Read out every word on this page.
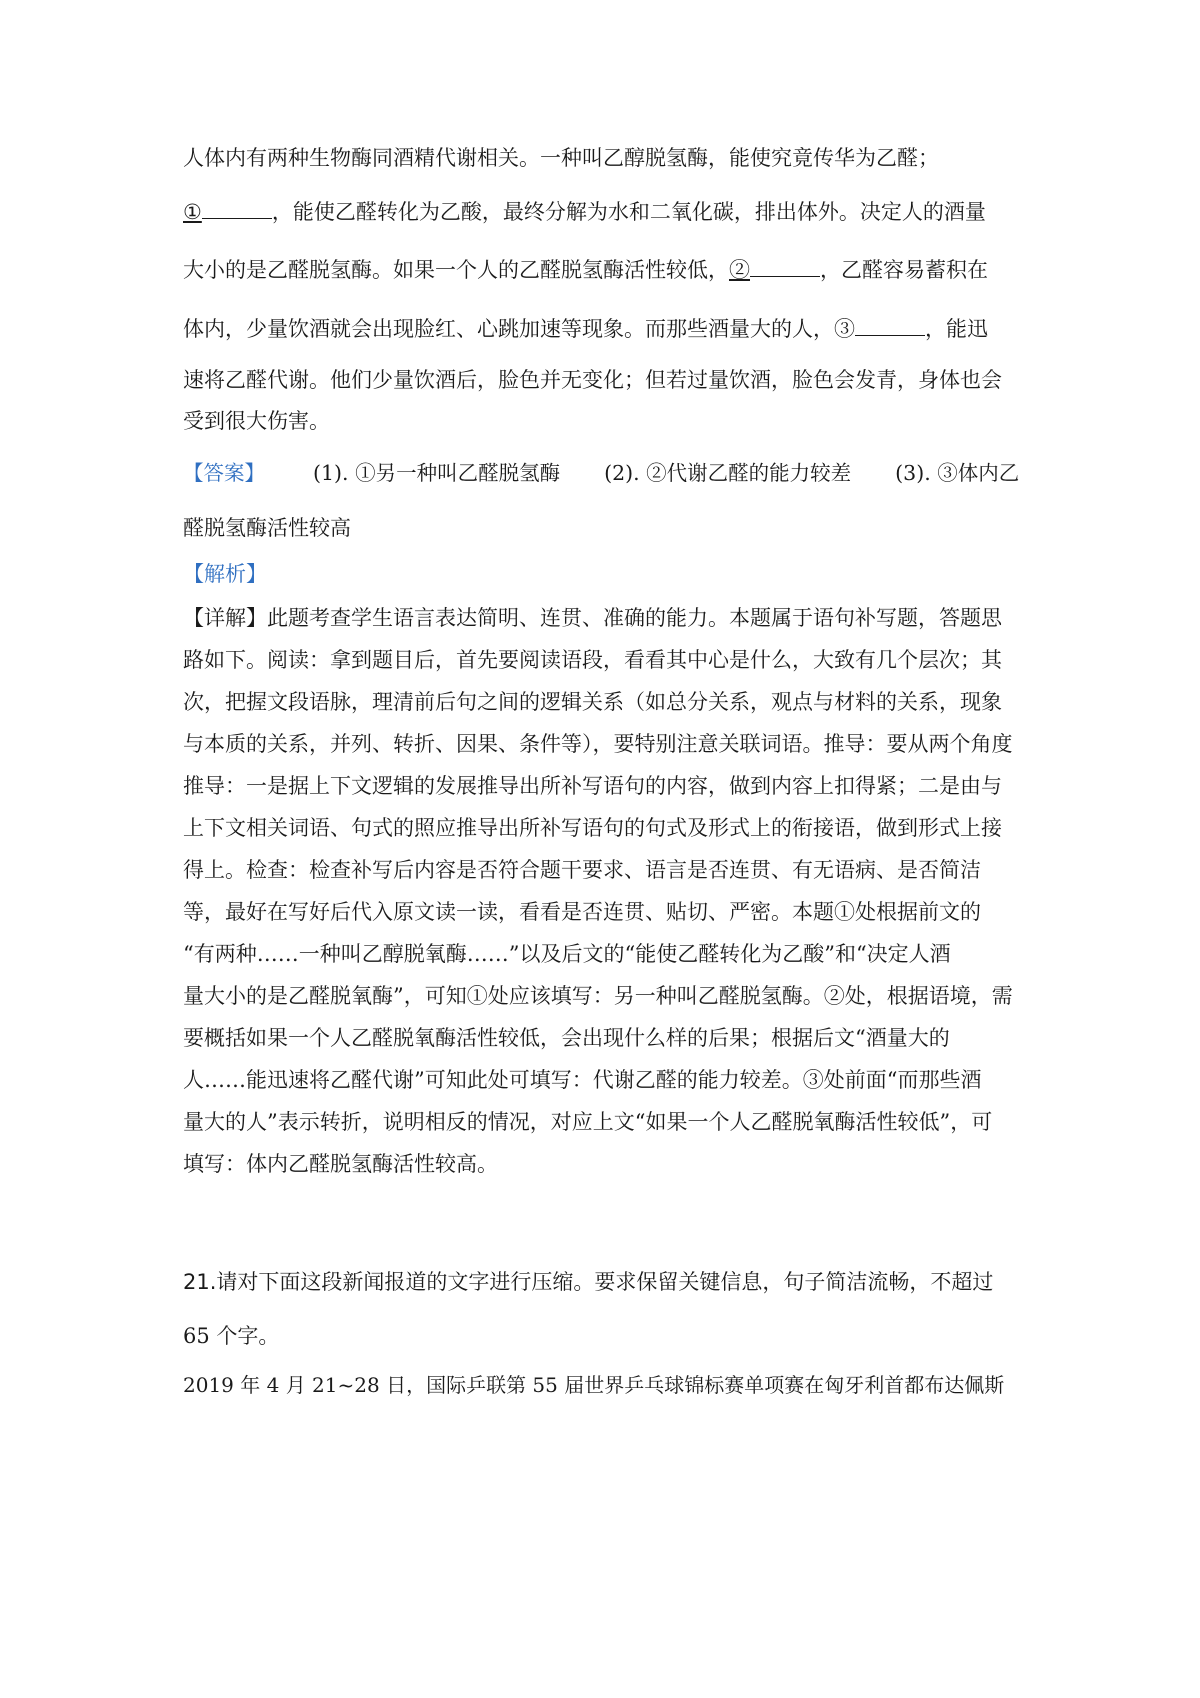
人体内有两种生物酶同酒精代谢相关。一种叫乙醇脱氢酶，能使究竟传华为乙醛；
①	，能使乙醛转化为乙酸，最终分解为水和二氧化碳，排出体外。决定人的酒量
大小的是乙醛脱氢酶。如果一个人的乙醛脱氢酶活性较低，②	，乙醛容易蓄积在
体内，少量饮酒就会出现脸红、心跳加速等现象。而那些酒量大的人，③	，能迅
速将乙醛代谢。他们少量饮酒后，脸色并无变化；但若过量饮酒，脸色会发青，身体也会
受到很大伤害。
【答案】 (1). ①另一种叫乙醛脱氢酶 (2). ②代谢乙醛的能力较差 (3). ③体内乙
醛脱氢酶活性较高
【解析】
【详解】此题考查学生语言表达简明、连贯、准确的能力。本题属于语句补写题，答题思
路如下。阅读：拿到题目后，首先要阅读语段，看看其中心是什么，大致有几个层次；其
次，把握文段语脉，理清前后句之间的逻辑关系（如总分关系，观点与材料的关系，现象
与本质的关系，并列、转折、因果、条件等），要特别注意关联词语。推导：要从两个角度
推导：一是据上下文逻辑的发展推导出所补写语句的内容，做到内容上扣得紧；二是由与
上下文相关词语、句式的照应推导出所补写语句的句式及形式上的衔接语，做到形式上接
得上。检查：检查补写后内容是否符合题干要求、语言是否连贯、有无语病、是否简洁
等，最好在写好后代入原文读一读，看看是否连贯、贴切、严密。本题①处根据前文的
“有两种……一种叫乙醇脱氧酶……”以及后文的“能使乙醛转化为乙酸”和“决定人酒
量大小的是乙醛脱氧酶”，可知①处应该填写：另一种叫乙醛脱氢酶。②处，根据语境，需
要概括如果一个人乙醛脱氧酶活性较低，会出现什么样的后果；根据后文“酒量大的
人……能迅速将乙醛代谢”可知此处可填写：代谢乙醛的能力较差。③处前面“而那些酒
量大的人”表示转折，说明相反的情况，对应上文“如果一个人乙醛脱氧酶活性较低”，可
填写：体内乙醛脱氢酶活性较高。
21.请对下面这段新闻报道的文字进行压缩。要求保留关键信息，句子简洁流畅，不超过
65 个字。
2019 年 4 月 21~28 日，国际乒联第 55 届世界乒乓球锦标赛单项赛在匈牙利首都布达佩斯
